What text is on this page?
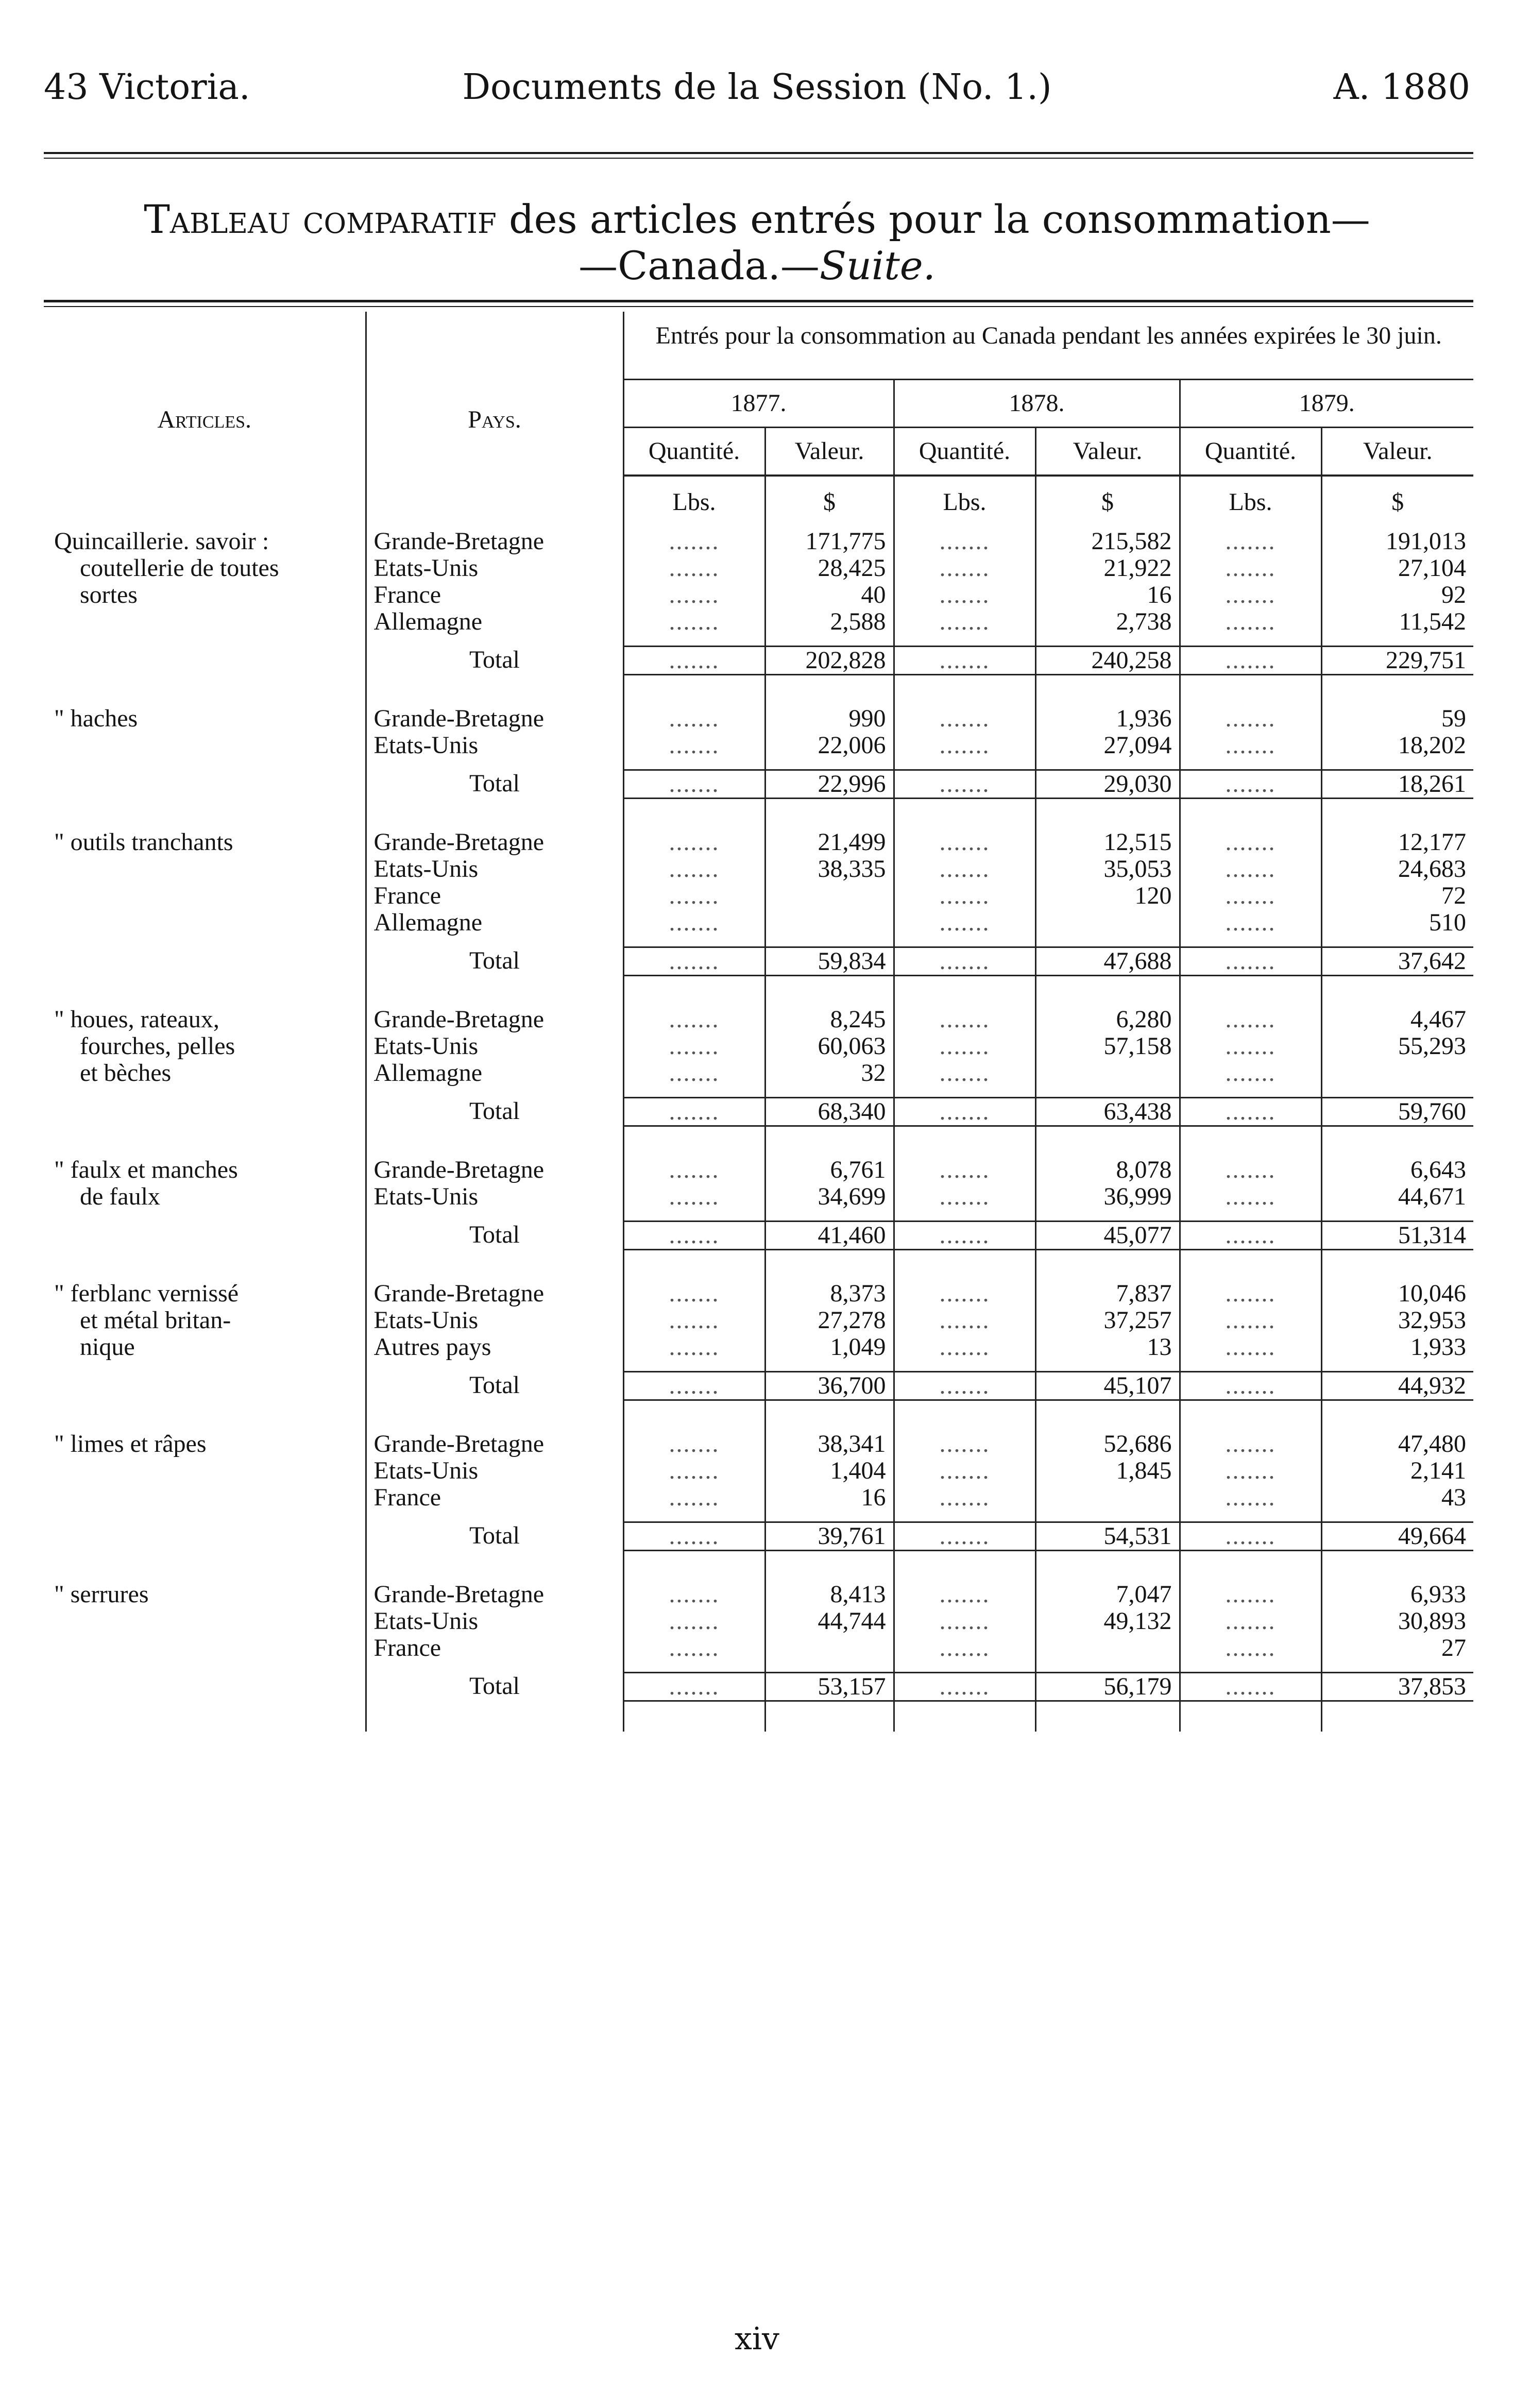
43 Victoria.	Documents de la Session (No. 1.)	A. 1880
Tableau comparatif des articles entrés pour la consommation—
—Canada.—Suite.
Articles.	Pays.	Entrés pour la consommation au Canada pendant les années expirées le 30 juin.					
		1877.		1878.		1879.	
		Quantité.	Valeur.	Quantité.	Valeur.	Quantité.	Valeur.
		Lbs.	$	Lbs.	$	Lbs.	$
Quincaillerie. savoir :	Grande-Bretagne	.......	171,775	.......	215,582	.......	191,013
coutellerie de toutes	Etats-Unis	.......	28,425	.......	21,922	.......	27,104
sortes	France	.......	40	.......	16	.......	92
	Allemagne	.......	2,588	.......	2,738	.......	11,542

	Total	.......	202,828	.......	240,258	.......	229,751

" haches	Grande-Bretagne	.......	990	.......	1,936	.......	59
	Etats-Unis	.......	22,006	.......	27,094	.......	18,202

	Total	.......	22,996	.......	29,030	.......	18,261

" outils tranchants	Grande-Bretagne	.......	21,499	.......	12,515	.......	12,177
	Etats-Unis	.......	38,335	.......	35,053	.......	24,683
	France	.......		.......	120	.......	72
	Allemagne	.......		.......		.......	510

	Total	.......	59,834	.......	47,688	.......	37,642

" houes, rateaux,	Grande-Bretagne	.......	8,245	.......	6,280	.......	4,467
fourches, pelles	Etats-Unis	.......	60,063	.......	57,158	.......	55,293
et bèches	Allemagne	.......	32	.......		.......	

	Total	.......	68,340	.......	63,438	.......	59,760

" faulx et manches	Grande-Bretagne	.......	6,761	.......	8,078	.......	6,643
de faulx	Etats-Unis	.......	34,699	.......	36,999	.......	44,671

	Total	.......	41,460	.......	45,077	.......	51,314

" ferblanc vernissé	Grande-Bretagne	.......	8,373	.......	7,837	.......	10,046
et métal britan-	Etats-Unis	.......	27,278	.......	37,257	.......	32,953
nique	Autres pays	.......	1,049	.......	13	.......	1,933

	Total	.......	36,700	.......	45,107	.......	44,932

" limes et râpes	Grande-Bretagne	.......	38,341	.......	52,686	.......	47,480
	Etats-Unis	.......	1,404	.......	1,845	.......	2,141
	France	.......	16	.......		.......	43

	Total	.......	39,761	.......	54,531	.......	49,664

" serrures	Grande-Bretagne	.......	8,413	.......	7,047	.......	6,933
	Etats-Unis	.......	44,744	.......	49,132	.......	30,893
	France	.......		.......		.......	27

	Total	.......	53,157	.......	56,179	.......	37,853

xiv
